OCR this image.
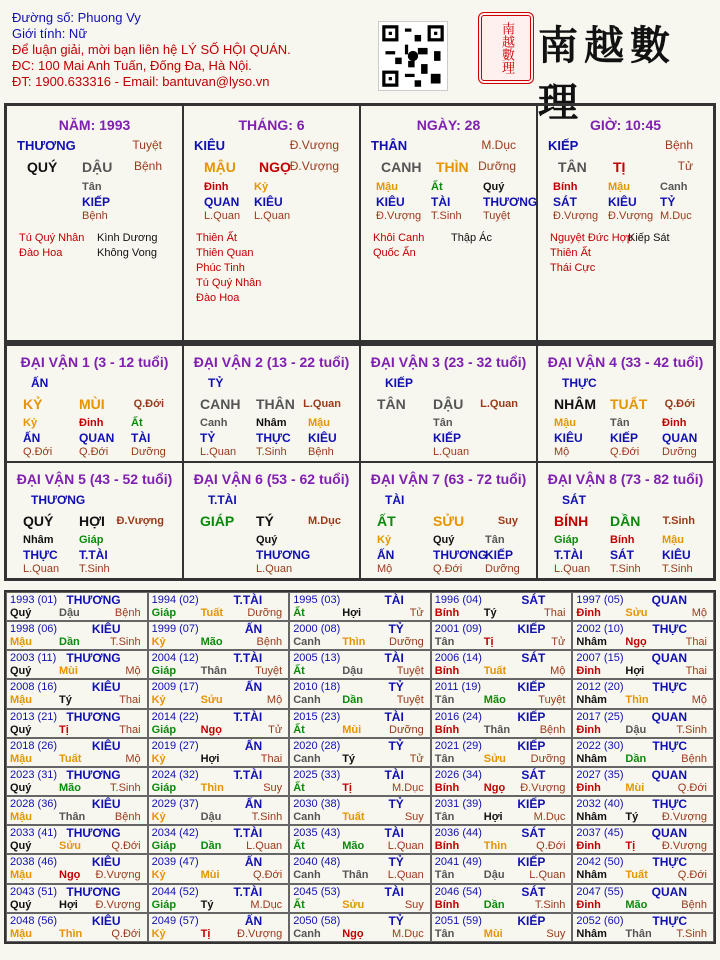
Đường số: Phuong Vy
Giới tính: Nữ
Để luận giải, mời bạn liên hệ LÝ SỐ HỘI QUÁN.
ĐC: 100 Mai Anh Tuấn, Đống Đa, Hà Nội.
ĐT: 1900.633316 - Email: bantuvan@lyso.vn
南越數理 南越數理
NĂM: 1993
THƯƠNG	Tuyệt
QUÝ DẬU Bệnh
Tân
KIẾP
Bệnh
Tú Quý Nhân Kình Dương
Đào Hoa	Không Vong
THÁNG: 6
KIÊU	Đ.Vượng
MẬU NGỌ
Đ.Vượng
Đinh
QUAN
L.Quan
Kỷ
KIÊU
L.Quan
Thiên Ất
Thiên Quan
Phúc Tinh
Tú Quý Nhân
Đào Hoa
NGÀY: 28
THÂN	M.Dục
CANH THÌN Dưỡng
Mậu
KIÊU
Đ.Vượng
Ất
TÀI
T.Sinh
Quý
THƯƠNG
Tuyệt
Khôi Canh Thập Ác
Quốc Ấn
GIỜ: 10:45
KIẾP	Bệnh
TÂN TỊ	Tử
Bính
SÁT
Đ.Vượng
Mậu
KIÊU
Đ.Vượng
Canh
TỶ
M.Dục
Nguyệt Đức Hợp
Kiếp Sát
Thiên Ất
Thái Cực
ĐẠI VẬN 1 (3 - 12 tuổi)
ẤN
KỶ	MÙI	Q.Đới
Kỷ
ẤN
Q.Đới
Đinh
QUAN
Q.Đới
Ất
TÀI
Dưỡng
ĐẠI VẬN 2 (13 - 22 tuổi)
TỶ
CANH THÂN L.Quan
Canh
TỶ
L.Quan
Nhâm
THỰC
T.Sinh
Mậu
KIÊU
Bệnh
ĐẠI VẬN 3 (23 - 32 tuổi)
KIẾP
TÂN DẬU L.Quan
Tân
KIẾP
L.Quan
ĐẠI VẬN 4 (33 - 42 tuổi)
THỰC
NHÂM TUẤT Q.Đới
Mậu
KIÊU
Mộ
Tân
KIẾP
Q.Đới
Đinh
QUAN
Dưỡng
ĐẠI VẬN 5 (43 - 52 tuổi)
THƯƠNG
QUÝ HỢI Đ.Vượng
Nhâm
THỰC
L.Quan
Giáp
T.TÀI
T.Sinh
ĐẠI VẬN 6 (53 - 62 tuổi)
T.TÀI
GIÁP TÝ	M.Dục
Quý
THƯƠNG
L.Quan
ĐẠI VẬN 7 (63 - 72 tuổi)
TÀI
ẤT	SỬU	Suy
Kỷ
ẤN
Mộ
Quý
THƯƠNG
Q.Đới
Tân
KIẾP
Dưỡng
ĐẠI VẬN 8 (73 - 82 tuổi)
SÁT
BÍNH DẦN T.Sinh
Giáp
T.TÀI
L.Quan
Bính
SÁT
T.Sinh
Mậu
KIÊU
T.Sinh
1993 (01) THƯƠNG
Quý	Dậu	Bệnh
1994 (02)	T.TÀI
Giáp Tuất Dưỡng
1995 (03)	TÀI
Ất	Hợi	Tử
1996 (04)	SÁT
Bính Tý	Thai
1997 (05) QUAN
Đinh Sửu	Mộ
1998 (06)	KIÊU
Mậu Dần	T.Sinh
1999 (07)	ẤN
Kỷ	Mão	Bệnh
2000 (08)	TỶ
Canh Thìn Dưỡng
2001 (09)	KIẾP
Tân	Tị	Tử
2002 (10) THỰC
Nhâm Ngọ	Thai
2003 (11) THƯƠNG
Quý	Mùi	Mộ
2004 (12)	T.TÀI
Giáp Thân	Tuyệt
2005 (13)	TÀI
Ất	Dậu	Tuyệt
2006 (14)	SÁT
Bính Tuất	Mộ
2007 (15) QUAN
Đinh Hợi	Thai
2008 (16)	KIÊU
Mậu Tý	Thai
2009 (17)	ẤN
Kỷ	Sửu	Mộ
2010 (18)	TỶ
Canh Dần	Tuyệt
2011 (19)	KIẾP
Tân	Mão	Tuyệt
2012 (20) THỰC
Nhâm Thìn	Mộ
2013 (21) THƯƠNG
Quý	Tị	Thai
2014 (22)	T.TÀI
Giáp Ngọ	Tử
2015 (23)	TÀI
Ất	Mùi	Dưỡng
2016 (24)	KIẾP
Bính Thân	Bệnh
2017 (25) QUAN
Đinh Dậu	T.Sinh
2018 (26)	KIÊU
Mậu Tuất	Mộ
2019 (27)	ẤN
Kỷ	Hợi	Thai
2020 (28)	TỶ
Canh Tý	Tử
2021 (29)	KIẾP
Tân	Sửu Dưỡng
2022 (30) THỰC
Nhâm Dần	Bệnh
2023 (31) THƯƠNG
Quý	Mão	T.Sinh
2024 (32)	T.TÀI
Giáp Thìn	Suy
2025 (33)	TÀI
Ất	Tị	M.Dục
2026 (34)	SÁT
Bính Ngọ Đ.Vượng
2027 (35) QUAN
Đinh Mùi	Q.Đới
2028 (36)	KIÊU
Mậu Thân	Bệnh
2029 (37)	ẤN
Kỷ	Dậu	T.Sinh
2030 (38)	TỶ
Canh Tuất	Suy
2031 (39)	KIẾP
Tân	Hợi	M.Dục
2032 (40) THỰC
Nhâm Tý Đ.Vượng
2033 (41) THƯƠNG
Quý	Sửu	Q.Đới
2034 (42)	T.TÀI
Giáp Dần L.Quan
2035 (43)	TÀI
Ất	Mão L.Quan
2036 (44)	SÁT
Bính Thìn	Q.Đới
2037 (45) QUAN
Đinh Tị Đ.Vượng
2038 (46)	KIÊU
Mậu Ngọ Đ.Vượng
2039 (47)	ẤN
Kỷ	Mùi	Q.Đới
2040 (48)	TỶ
Canh Thân L.Quan
2041 (49)	KIẾP
Tân	Dậu L.Quan
2042 (50) THỰC
Nhâm Tuất	Q.Đới
2043 (51) THƯƠNG
Quý	Hợi Đ.Vượng
2044 (52)	T.TÀI
Giáp Tý	M.Dục
2045 (53)	TÀI
Ất	Sửu	Suy
2046 (54)	SÁT
Bính Dần	T.Sinh
2047 (55) QUAN
Đinh Mão	Bệnh
2048 (56)	KIÊU
Mậu Thìn	Q.Đới
2049 (57)	ẤN
Kỷ	Tị Đ.Vượng
2050 (58)	TỶ
Canh Ngọ	M.Dục
2051 (59)	KIẾP
Tân	Mùi	Suy
2052 (60) THỰC
Nhâm Thân T.Sinh
